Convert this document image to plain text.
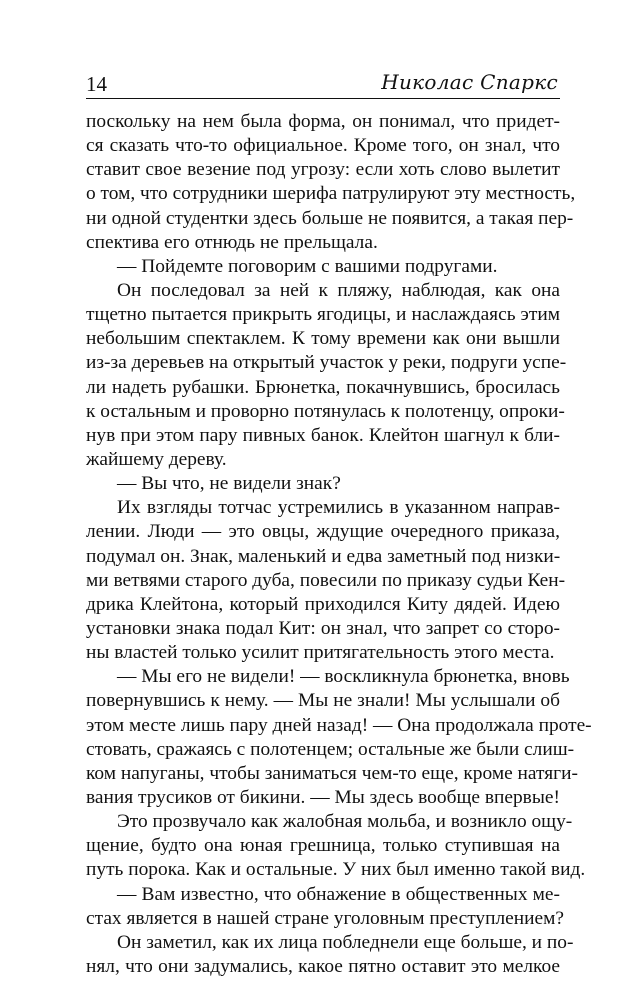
14	Николас Спаркс
поскольку на нем была форма, он понимал, что придет-
ся сказать что-то официальное. Кроме того, он знал, что
ставит свое везение под угрозу: если хоть слово вылетит
о том, что сотрудники шерифа патрулируют эту местность,
ни одной студентки здесь больше не появится, а такая пер-
спектива его отнюдь не прельщала.
— Пойдемте поговорим с вашими подругами.
Он последовал за ней к пляжу, наблюдая, как она
тщетно пытается прикрыть ягодицы, и наслаждаясь этим
небольшим спектаклем. К тому времени как они вышли
из-за деревьев на открытый участок у реки, подруги успе-
ли надеть рубашки. Брюнетка, покачнувшись, бросилась
к остальным и проворно потянулась к полотенцу, опроки-
нув при этом пару пивных банок. Клейтон шагнул к бли-
жайшему дереву.
— Вы что, не видели знак?
Их взгляды тотчас устремились в указанном направ-
лении. Люди — это овцы, ждущие очередного приказа,
подумал он. Знак, маленький и едва заметный под низки-
ми ветвями старого дуба, повесили по приказу судьи Кен-
дрика Клейтона, который приходился Киту дядей. Идею
установки знака подал Кит: он знал, что запрет со сторо-
ны властей только усилит притягательность этого места.
— Мы его не видели! — воскликнула брюнетка, вновь
повернувшись к нему. — Мы не знали! Мы услышали об
этом месте лишь пару дней назад! — Она продолжала проте-
стовать, сражаясь с полотенцем; остальные же были слиш-
ком напуганы, чтобы заниматься чем-то еще, кроме натяги-
вания трусиков от бикини. — Мы здесь вообще впервые!
Это прозвучало как жалобная мольба, и возникло ощу-
щение, будто она юная грешница, только ступившая на
путь порока. Как и остальные. У них был именно такой вид.
— Вам известно, что обнажение в общественных ме-
стах является в нашей стране уголовным преступлением?
Он заметил, как их лица побледнели еще больше, и по-
нял, что они задумались, какое пятно оставит это мелкое
